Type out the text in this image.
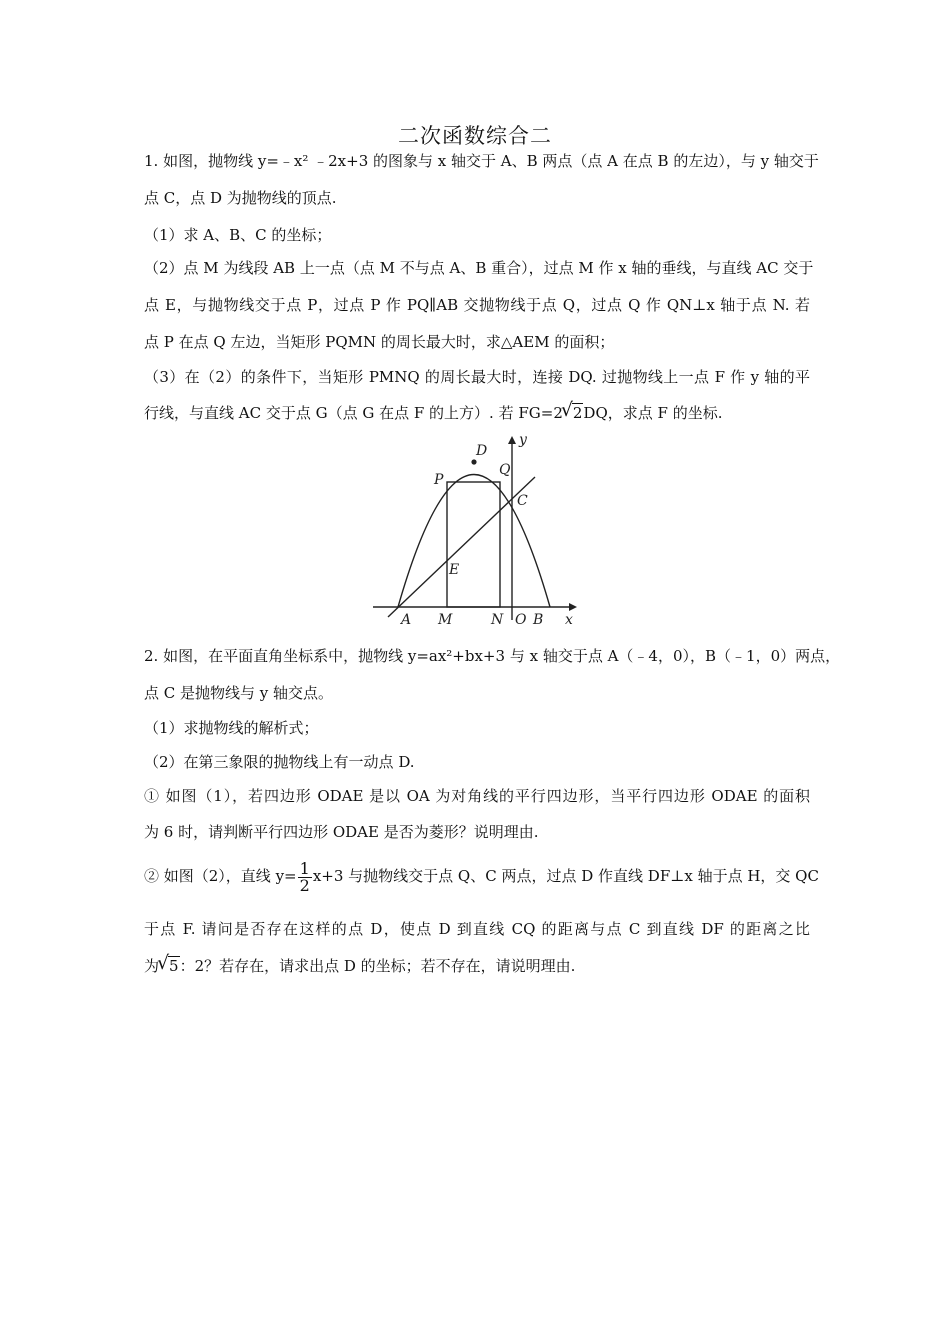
二次函数综合二
1. 如图，抛物线 y=﹣x² ﹣2x+3 的图象与 x 轴交于 A、B 两点（点 A 在点 B 的左边），与 y 轴交于
点 C，点 D 为抛物线的顶点.
（1）求 A、B、C 的坐标；
（2）点 M 为线段 AB 上一点（点 M 不与点 A、B 重合），过点 M 作 x 轴的垂线，与直线 AC 交于
点 E，与抛物线交于点 P，过点 P 作 PQ∥AB 交抛物线于点 Q，过点 Q 作 QN⊥x 轴于点 N. 若
点 P 在点 Q 左边，当矩形 PQMN 的周长最大时，求△AEM 的面积；
（3）在（2）的条件下，当矩形 PMNQ 的周长最大时，连接 DQ. 过抛物线上一点 F 作 y 轴的平
行线，与直线 AC 交于点 G（点 G 在点 F 的上方）. 若 FG=2 √ 2DQ，求点 F 的坐标.
D
P
Q
C
E
A M	N O B x
y
2. 如图，在平面直角坐标系中，抛物线 y=ax²+bx+3 与 x 轴交于点 A（﹣4，0），B（﹣1，0）两点，
点 C 是抛物线与 y 轴交点。
（1）求抛物线的解析式；
（2）在第三象限的抛物线上有一动点 D.
① 如图（1），若四边形 ODAE 是以 OA 为对角线的平行四边形，当平行四边形 ODAE 的面积
为 6 时，请判断平行四边形 ODAE 是否为菱形？说明理由.
② 如图（2），直线 $y= \frac{1}{2} x+3$ 与抛物线交于点 Q、C 两点，过点 D 作直线 DF⊥x 轴于点 H，交 QC
于点 F. 请问是否存在这样的点 D，使点 D 到直线 CQ 的距离与点 C 到直线 DF 的距离之比
为 √ 5：2？若存在，请求出点 D 的坐标；若不存在，请说明理由.
